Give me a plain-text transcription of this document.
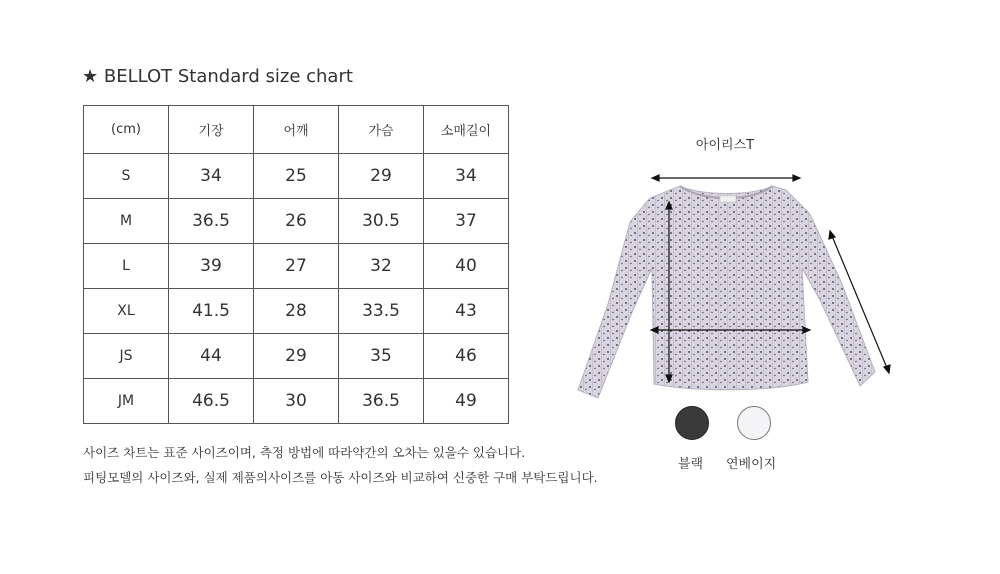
★ BELLOT Standard size chart
(cm)	기장	어깨	가슴	소매길이
S	34	25	29	34
M	36.5	26	30.5	37
L	39	27	32	40
XL	41.5	28	33.5	43
JS	44	29	35	46
JM	46.5	30	36.5	49
사이즈 차트는 표준 사이즈이며, 측정 방법에 따라약간의 오차는 있을수 있습니다.
피팅모델의 사이즈와, 실제 제품의사이즈를 아동 사이즈와 비교하여 신중한 구매 부탁드립니다.
아이리스T
블랙 연베이지
